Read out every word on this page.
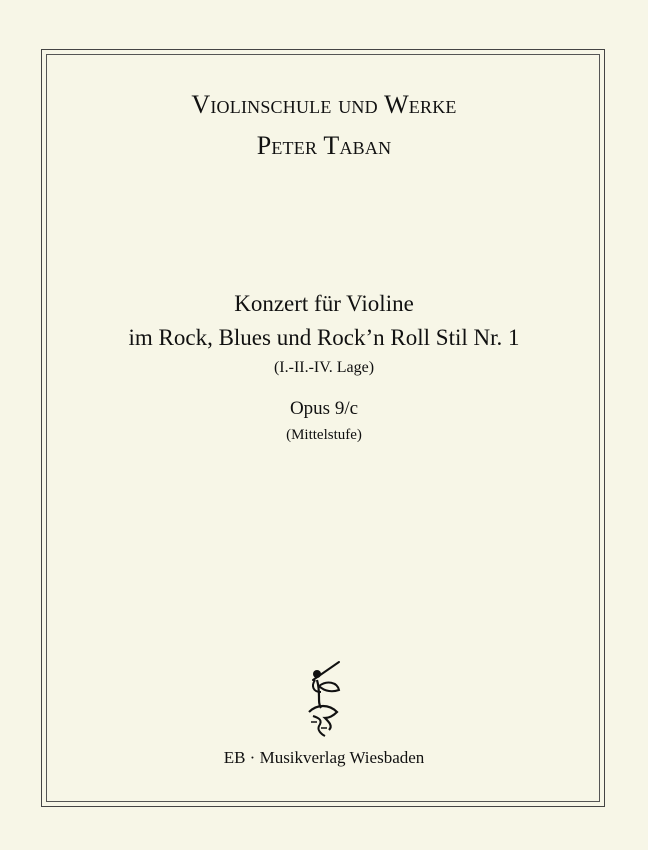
Violinschule und Werke
Peter Taban
Konzert für Violine
im Rock, Blues und Rock’n Roll Stil Nr. 1
(I.-II.-IV. Lage)
Opus 9/c
(Mittelstufe)
EB · Musikverlag Wiesbaden
